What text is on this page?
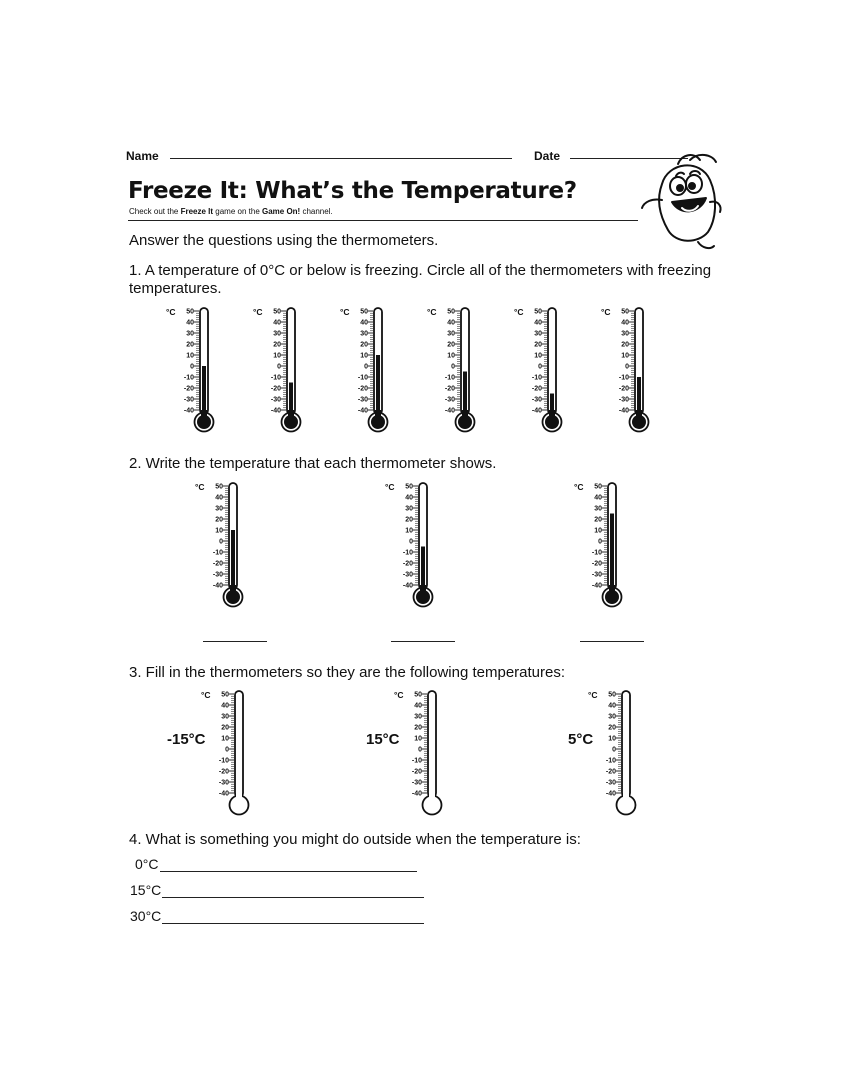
Name	Date
Freeze It: What’s the Temperature?
Check out the Freeze It game on the Game On! channel.
Answer the questions using the thermometers.
1. A temperature of 0°C or below is freezing. Circle all of the thermometers with freezing temperatures.
2. Write the temperature that each thermometer shows.
3. Fill in the thermometers so they are the following temperatures:
-15°C	15°C	5°C
4. What is something you might do outside when the temperature is:
0°C
15°C
30°C
°C 50
40
30
20
10
0
-10
-20
-30
-40
°C 50
40
30
20
10
0
-10
-20
-30
-40
°C 50
40
30
20
10
0
-10
-20
-30
-40
°C 50
40
30
20
10
0
-10
-20
-30
-40
°C 50
40
30
20
10
0
-10
-20
-30
-40
°C 50
40
30
20
10
0
-10
-20
-30
-40
°C 50
40
30
20
10
0
-10
-20
-30
-40
°C 50
40
30
20
10
0
-10
-20
-30
-40
°C 50
40
30
20
10
0
-10
-20
-30
-40
°C 50
40
30
20
10
0
-10
-20
-30
-40
°C 50
40
30
20
10
0
-10
-20
-30
-40
°C 50
40
30
20
10
0
-10
-20
-30
-40
